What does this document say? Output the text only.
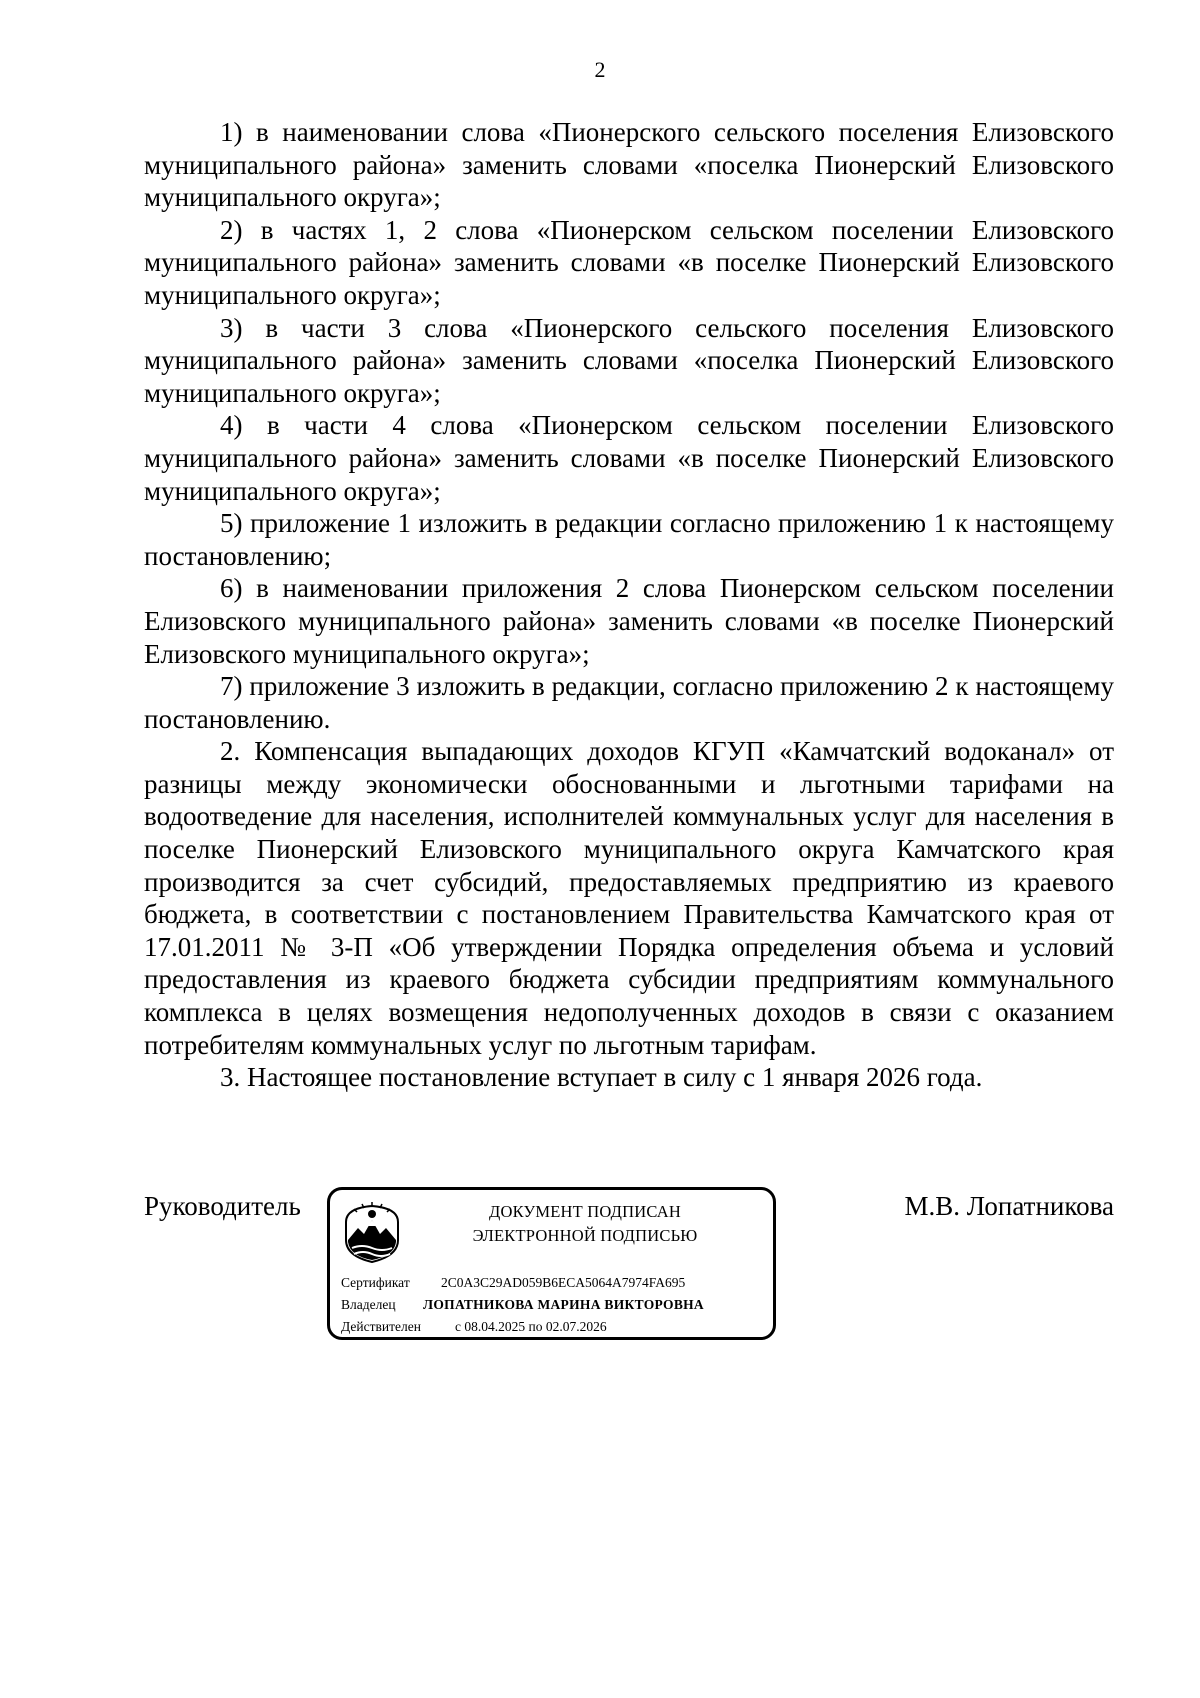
2

1) в наименовании слова «Пионерского сельского поселения Елизовского муниципального района» заменить словами «поселка Пионерский Елизовского муниципального округа»;

2) в частях 1, 2 слова «Пионерском сельском поселении Елизовского муниципального района» заменить словами «в поселке Пионерский Елизовского муниципального округа»;

3) в части 3 слова «Пионерского сельского поселения Елизовского муниципального района» заменить словами «поселка Пионерский Елизовского муниципального округа»;

4) в части 4 слова «Пионерском сельском поселении Елизовского муниципального района» заменить словами «в поселке Пионерский Елизовского муниципального округа»;

5) приложение 1 изложить в редакции согласно приложению 1 к настоящему постановлению;

6) в наименовании приложения 2 слова Пионерском сельском поселении Елизовского муниципального района» заменить словами «в поселке Пионерский Елизовского муниципального округа»;

7) приложение 3 изложить в редакции, согласно приложению 2 к настоящему постановлению.

2. Компенсация выпадающих доходов КГУП «Камчатский водоканал» от разницы между экономически обоснованными и льготными тарифами на водоотведение для населения, исполнителей коммунальных услуг для населения в поселке Пионерский Елизовского муниципального округа Камчатского края производится за счет субсидий, предоставляемых предприятию из краевого бюджета, в соответствии с постановлением Правительства Камчатского края от 17.01.2011 № 3-П «Об утверждении Порядка определения объема и условий предоставления из краевого бюджета субсидии предприятиям коммунального комплекса в целях возмещения недополученных доходов в связи с оказанием потребителям коммунальных услуг по льготным тарифам.

3. Настоящее постановление вступает в силу с 1 января 2026 года.

Руководитель	ДОКУМЕНТ ПОДПИСАН
ЭЛЕКТРОННОЙ ПОДПИСЬЮ
Сертификат 2C0A3C29AD059B6ECA5064A7974FA695
Владелец ЛОПАТНИКОВА МАРИНА ВИКТОРОВНА
Действителен	с 08.04.2025 по 02.07.2026
М.В. Лопатникова
